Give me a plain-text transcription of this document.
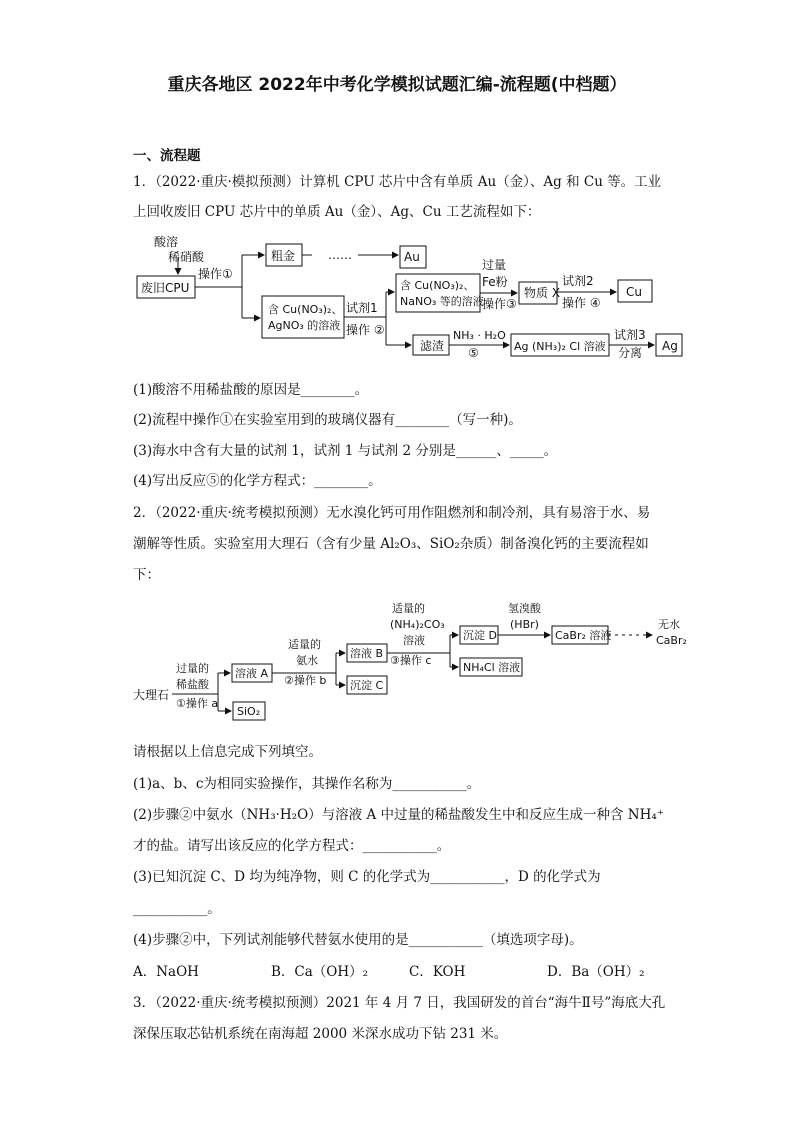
重庆各地区 2022年中考化学模拟试题汇编-流程题(中档题）
一、流程题
1．（2022·重庆·模拟预测）计算机 CPU 芯片中含有单质 Au（金）、Ag 和 Cu 等。工业
上回收废旧 CPU 芯片中的单质 Au（金）、Ag、Cu 工艺流程如下：
……
酸溶
稀硝酸
操作①
废旧CPU
粗金	Au
含 Cu(NO₃)₂、
AgNO₃ 的溶液
试剂1
操作 ②
含 Cu(NO₃)₂、
NaNO₃ 等的溶液
过量
Fe粉
操作③
物质 X
试剂2
操作 ④
Cu
滤渣
NH₃ · H₂O
⑤	Ag (NH₃)₂ Cl 溶液
试剂3
分离 Ag
(1)酸溶不用稀盐酸的原因是________。
(2)流程中操作①在实验室用到的玻璃仪器有________（写一种)。
(3)海水中含有大量的试剂 1，试剂 1 与试剂 2 分别是______、_____。
(4)写出反应⑤的化学方程式：________。
2．（2022·重庆·统考模拟预测）无水溴化钙可用作阻燃剂和制冷剂，具有易溶于水、易
潮解等性质。实验室用大理石（含有少量 Al₂O₃、SiO₂杂质）制备溴化钙的主要流程如
下：
大理石
过量的
稀盐酸
①操作 a
溶液 A
SiO₂
适量的
氨水
②操作 b
溶液 B
沉淀 C
适量的
(NH₄)₂CO₃
溶液
③操作 c
沉淀 D
NH₄Cl 溶液
氢溴酸
(HBr)
CaBr₂ 溶液
无水
CaBr₂
请根据以上信息完成下列填空。
(1)a、b、c为相同实验操作，其操作名称为___________。
(2)步骤②中氨水（NH₃·H₂O）与溶液 A 中过量的稀盐酸发生中和反应生成一种含 NH₄⁺
才的盐。请写出该反应的化学方程式：___________。
(3)已知沉淀 C、D 均为纯净物，则 C 的化学式为___________，D 的化学式为
___________。
(4)步骤②中，下列试剂能够代替氨水使用的是___________（填选项字母)。
A．NaOH	B．Ca（OH）₂	C．KOH	D．Ba（OH）₂
3．（2022·重庆·统考模拟预测）2021 年 4 月 7 日，我国研发的首台“海牛Ⅱ号”海底大孔
深保压取芯钻机系统在南海超 2000 米深水成功下钻 231 米。
